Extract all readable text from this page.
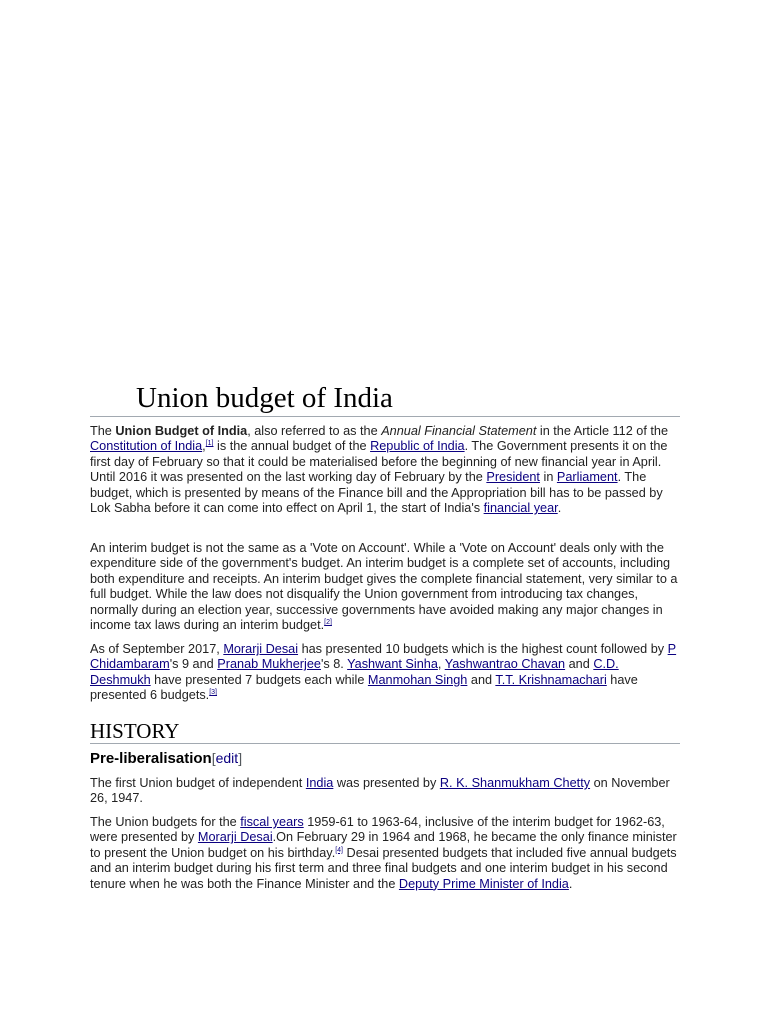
Union budget of India

The Union Budget of India, also referred to as the Annual Financial Statement in the Article 112 of the Constitution of India,[1] is the annual budget of the Republic of India. The Government presents it on the first day of February so that it could be materialised before the beginning of new financial year in April. Until 2016 it was presented on the last working day of February by the President in Parliament. The budget, which is presented by means of the Finance bill and the Appropriation bill has to be passed by Lok Sabha before it can come into effect on April 1, the start of India's financial year.

An interim budget is not the same as a 'Vote on Account'. While a 'Vote on Account' deals only with the expenditure side of the government's budget. An interim budget is a complete set of accounts, including both expenditure and receipts. An interim budget gives the complete financial statement, very similar to a full budget. While the law does not disqualify the Union government from introducing tax changes, normally during an election year, successive governments have avoided making any major changes in income tax laws during an interim budget.[2]

As of September 2017, Morarji Desai has presented 10 budgets which is the highest count followed by P Chidambaram's 9 and Pranab Mukherjee's 8. Yashwant Sinha, Yashwantrao Chavan and C.D. Deshmukh have presented 7 budgets each while Manmohan Singh and T.T. Krishnamachari have presented 6 budgets.[3]

HISTORY
Pre-liberalisation[edit]

The first Union budget of independent India was presented by R. K. Shanmukham Chetty on November 26, 1947.

The Union budgets for the fiscal years 1959-61 to 1963-64, inclusive of the interim budget for 1962-63, were presented by Morarji Desai.On February 29 in 1964 and 1968, he became the only finance minister to present the Union budget on his birthday.[4] Desai presented budgets that included five annual budgets and an interim budget during his first term and three final budgets and one interim budget in his second tenure when he was both the Finance Minister and the Deputy Prime Minister of India.
